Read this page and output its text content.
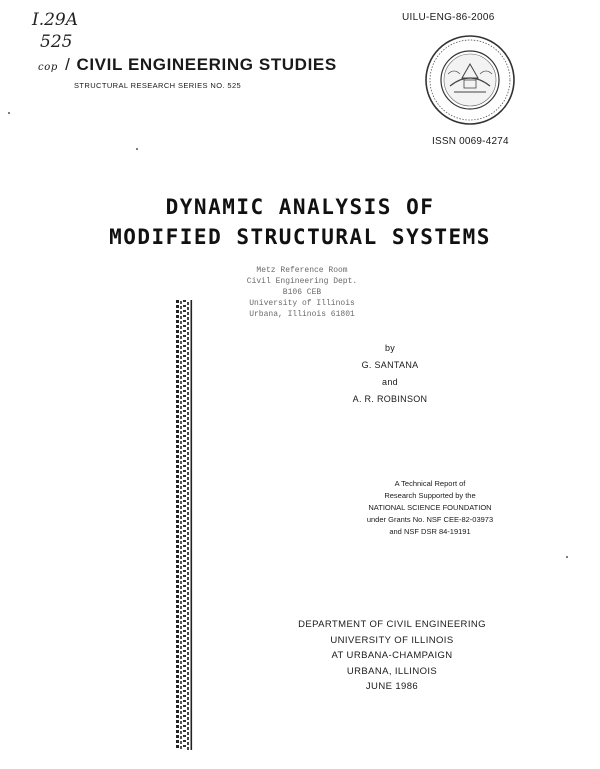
I.29A
525
UILU-ENG-86-2006
ISSN 0069-4274
cop / CIVIL ENGINEERING STUDIES
STRUCTURAL RESEARCH SERIES NO. 525
DYNAMIC ANALYSIS OF
MODIFIED STRUCTURAL SYSTEMS
Metz Reference Room
Civil Engineering Dept.
B106 CEB
University of Illinois
Urbana, Illinois 61801
by
G. SANTANA
and
A. R. ROBINSON
A Technical Report of
Research Supported by the
NATIONAL SCIENCE FOUNDATION
under Grants No. NSF CEE-82-03973
and NSF DSR 84-19191
DEPARTMENT OF CIVIL ENGINEERING
UNIVERSITY OF ILLINOIS
AT URBANA-CHAMPAIGN
URBANA, ILLINOIS
JUNE 1986
